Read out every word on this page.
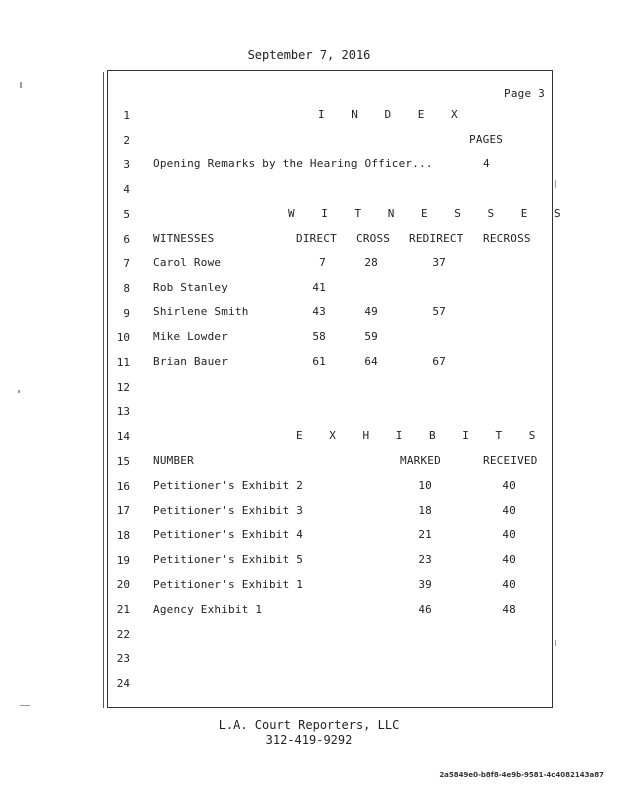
September 7, 2016
Page 3
1
2
3
4
5
6
7
8
9
10
11
12
13
14
15
16
17
18
19
20
21
22
23
24
I N D E X
PAGES
Opening Remarks by the Hearing Officer...	4
W I T N E S S E S
WITNESSES	DIRECT CROSS REDIRECT RECROSS
Carol Rowe	7	28	37
Rob Stanley	41
Shirlene Smith	43	49	57
Mike Lowder	58	59
Brian Bauer	61	64	67
E X H I B I T S
NUMBER	MARKED	RECEIVED
Petitioner's Exhibit 2	10	40
Petitioner's Exhibit 3	18	40
Petitioner's Exhibit 4	21	40
Petitioner's Exhibit 5	23	40
Petitioner's Exhibit 1	39	40
Agency Exhibit 1	46	48
L.A. Court Reporters, LLC
312-419-9292
2a5849e0-b8f8-4e9b-9581-4c4082143a87
